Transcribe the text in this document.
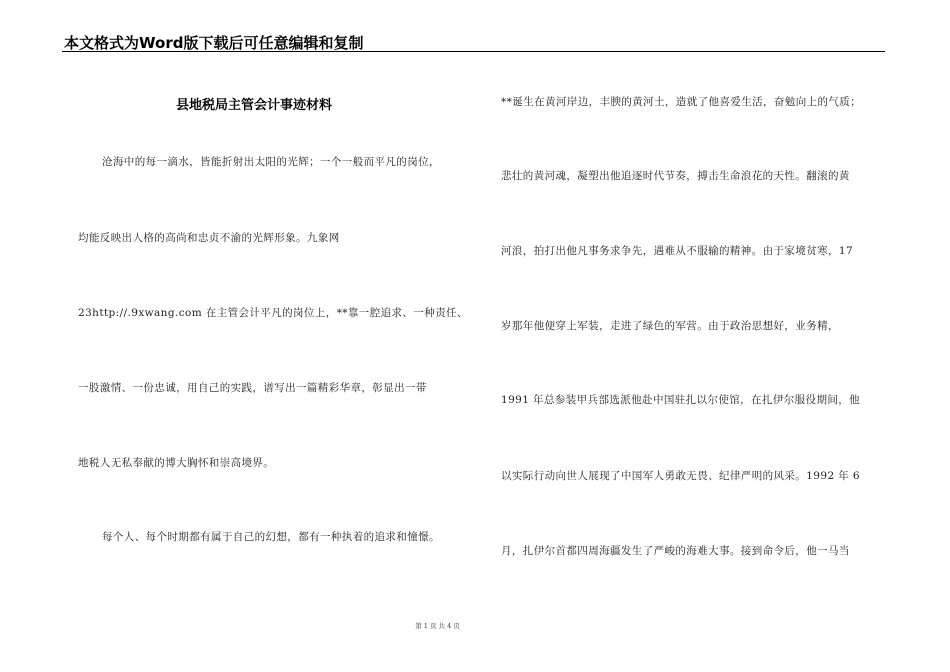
本文格式为Word版下载后可任意编辑和复制
县地税局主管会计事迹材料
沧海中的每一滴水，皆能折射出太阳的光辉；一个一般而平凡的岗位，
均能反映出人格的高尚和忠贞不渝的光辉形象。九象网
23http://.9xwang.com 在主管会计平凡的岗位上，**靠一腔追求、一种责任、
一股激情、一份忠诚，用自己的实践，谱写出一篇精彩华章，彰显出一带
地税人无私奉献的博大胸怀和崇高境界。
每个人、每个时期都有属于自己的幻想，都有一种执着的追求和憧憬。
**诞生在黄河岸边，丰腴的黄河土，造就了他喜爱生活，奋勉向上的气质；
悲壮的黄河魂，凝塑出他追逐时代节奏，搏击生命浪花的天性。翻滚的黄
河浪，拍打出他凡事务求争先，遇难从不服输的精神。由于家境贫寒，17
岁那年他便穿上军装，走进了绿色的军营。由于政治思想好，业务精，
1991 年总参装甲兵部选派他赴中国驻扎以尔使馆，在扎伊尔服役期间，他
以实际行动向世人展现了中国军人勇敢无畏、纪律严明的风采。1992 年 6
月，扎伊尔首都四周海疆发生了严峻的海难大事。接到命令后，他一马当
第 1 页 共 4 页
